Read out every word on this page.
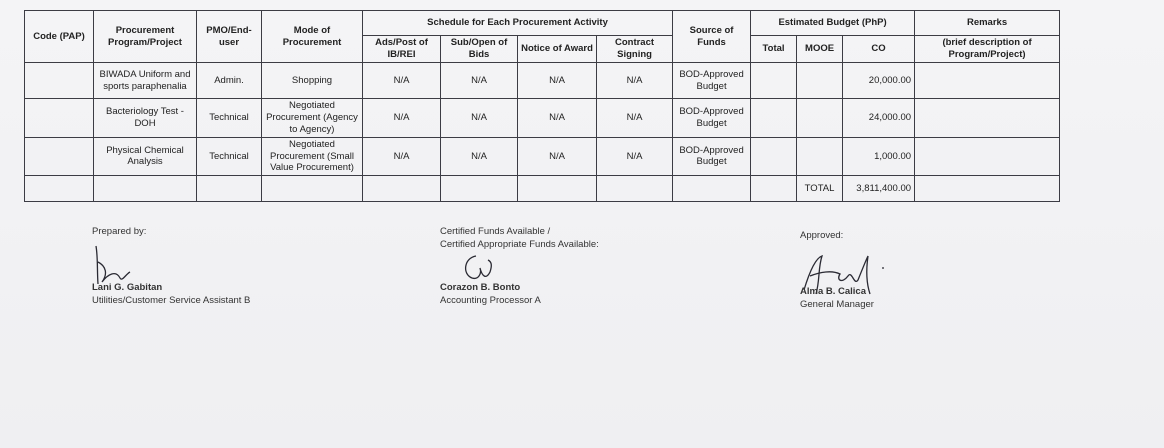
Code (PAP)	Procurement Program/Project	PMO/End-user	Mode of Procurement	Schedule for Each Procurement Activity				Source of Funds	Estimated Budget (PhP)			Remarks
				Ads/Post of IB/REI	Sub/Open of Bids	Notice of Award	Contract Signing		Total	MOOE	CO	(brief description of Program/Project)
	BIWADA Uniform and sports paraphenalia	Admin.	Shopping	N/A	N/A	N/A	N/A	BOD-Approved Budget			20,000.00	
	Bacteriology Test - DOH	Technical	Negotiated Procurement (Agency to Agency)	N/A	N/A	N/A	N/A	BOD-Approved Budget			24,000.00	
	Physical Chemical Analysis	Technical	Negotiated Procurement (Small Value Procurement)	N/A	N/A	N/A	N/A	BOD-Approved Budget			1,000.00	
										TOTAL	3,811,400.00	
Prepared by:
Lani G. Gabitan
Utilities/Customer Service Assistant B
Certified Funds Available /
Certified Appropriate Funds Available:
Corazon B. Bonto
Accounting Processor A
Approved:
Alma B. Calica
General Manager
